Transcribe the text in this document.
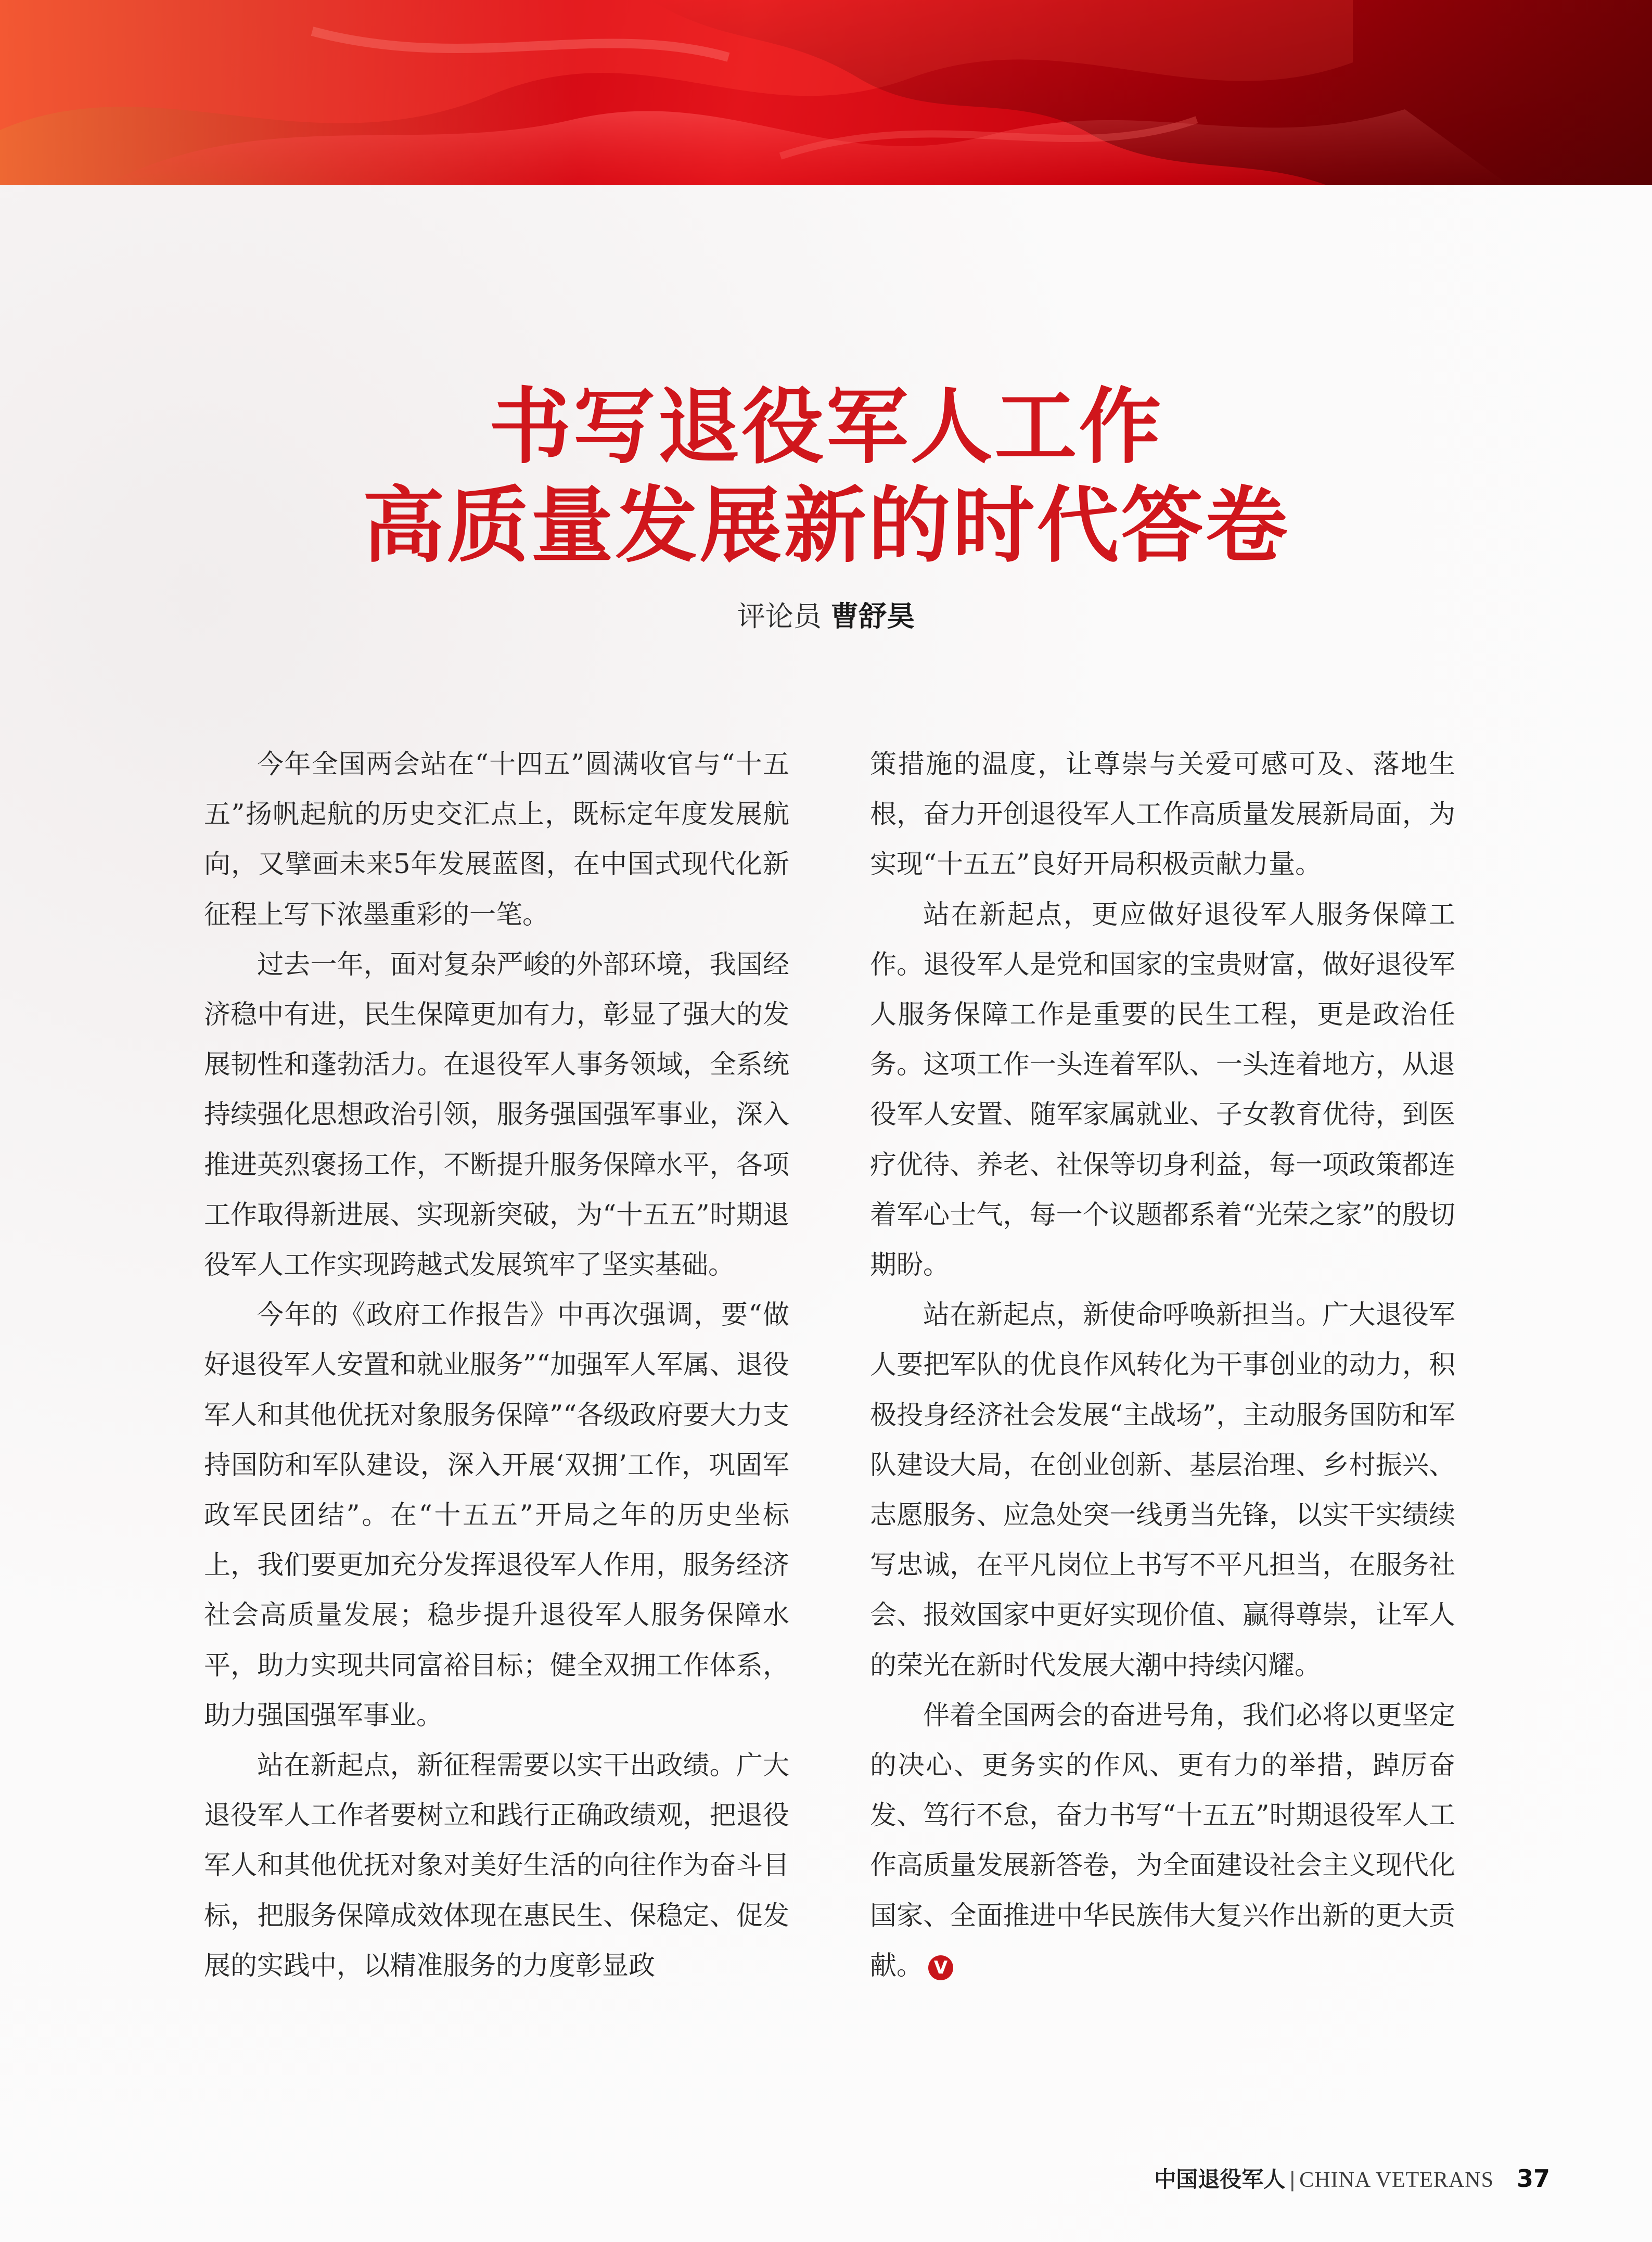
书写退役军人工作
高质量发展新的时代答卷
评论员 曹舒昊

今年全国两会站在“十四五”圆满收官与“十五五”扬帆起航的历史交汇点上，既标定年度发展航向，又擘画未来5年发展蓝图，在中国式现代化新征程上写下浓墨重彩的一笔。

过去一年，面对复杂严峻的外部环境，我国经济稳中有进，民生保障更加有力，彰显了强大的发展韧性和蓬勃活力。在退役军人事务领域，全系统持续强化思想政治引领，服务强国强军事业，深入推进英烈褒扬工作，不断提升服务保障水平，各项工作取得新进展、实现新突破，为“十五五”时期退役军人工作实现跨越式发展筑牢了坚实基础。

今年的《政府工作报告》中再次强调，要“做好退役军人安置和就业服务”“加强军人军属、退役军人和其他优抚对象服务保障”“各级政府要大力支持国防和军队建设，深入开展‘双拥’工作，巩固军政军民团结”。在“十五五”开局之年的历史坐标上，我们要更加充分发挥退役军人作用，服务经济社会高质量发展；稳步提升退役军人服务保障水平，助力实现共同富裕目标；健全双拥工作体系，助力强国强军事业。

站在新起点，新征程需要以实干出政绩。广大退役军人工作者要树立和践行正确政绩观，把退役军人和其他优抚对象对美好生活的向往作为奋斗目标，把服务保障成效体现在惠民生、保稳定、促发展的实践中，以精准服务的力度彰显政

策措施的温度，让尊崇与关爱可感可及、落地生根，奋力开创退役军人工作高质量发展新局面，为实现“十五五”良好开局积极贡献力量。

站在新起点，更应做好退役军人服务保障工作。退役军人是党和国家的宝贵财富，做好退役军人服务保障工作是重要的民生工程，更是政治任务。这项工作一头连着军队、一头连着地方，从退役军人安置、随军家属就业、子女教育优待，到医疗优待、养老、社保等切身利益，每一项政策都连着军心士气，每一个议题都系着“光荣之家”的殷切期盼。

站在新起点，新使命呼唤新担当。广大退役军人要把军队的优良作风转化为干事创业的动力，积极投身经济社会发展“主战场”，主动服务国防和军队建设大局，在创业创新、基层治理、乡村振兴、志愿服务、应急处突一线勇当先锋，以实干实绩续写忠诚，在平凡岗位上书写不平凡担当，在服务社会、报效国家中更好实现价值、赢得尊崇，让军人的荣光在新时代发展大潮中持续闪耀。

伴着全国两会的奋进号角，我们必将以更坚定的决心、更务实的作风、更有力的举措，踔厉奋发、笃行不怠，奋力书写“十五五”时期退役军人工作高质量发展新答卷，为全面建设社会主义现代化国家、全面推进中华民族伟大复兴作出新的更大贡献。 V

中国退役军人 | CHINA VETERANS 37
